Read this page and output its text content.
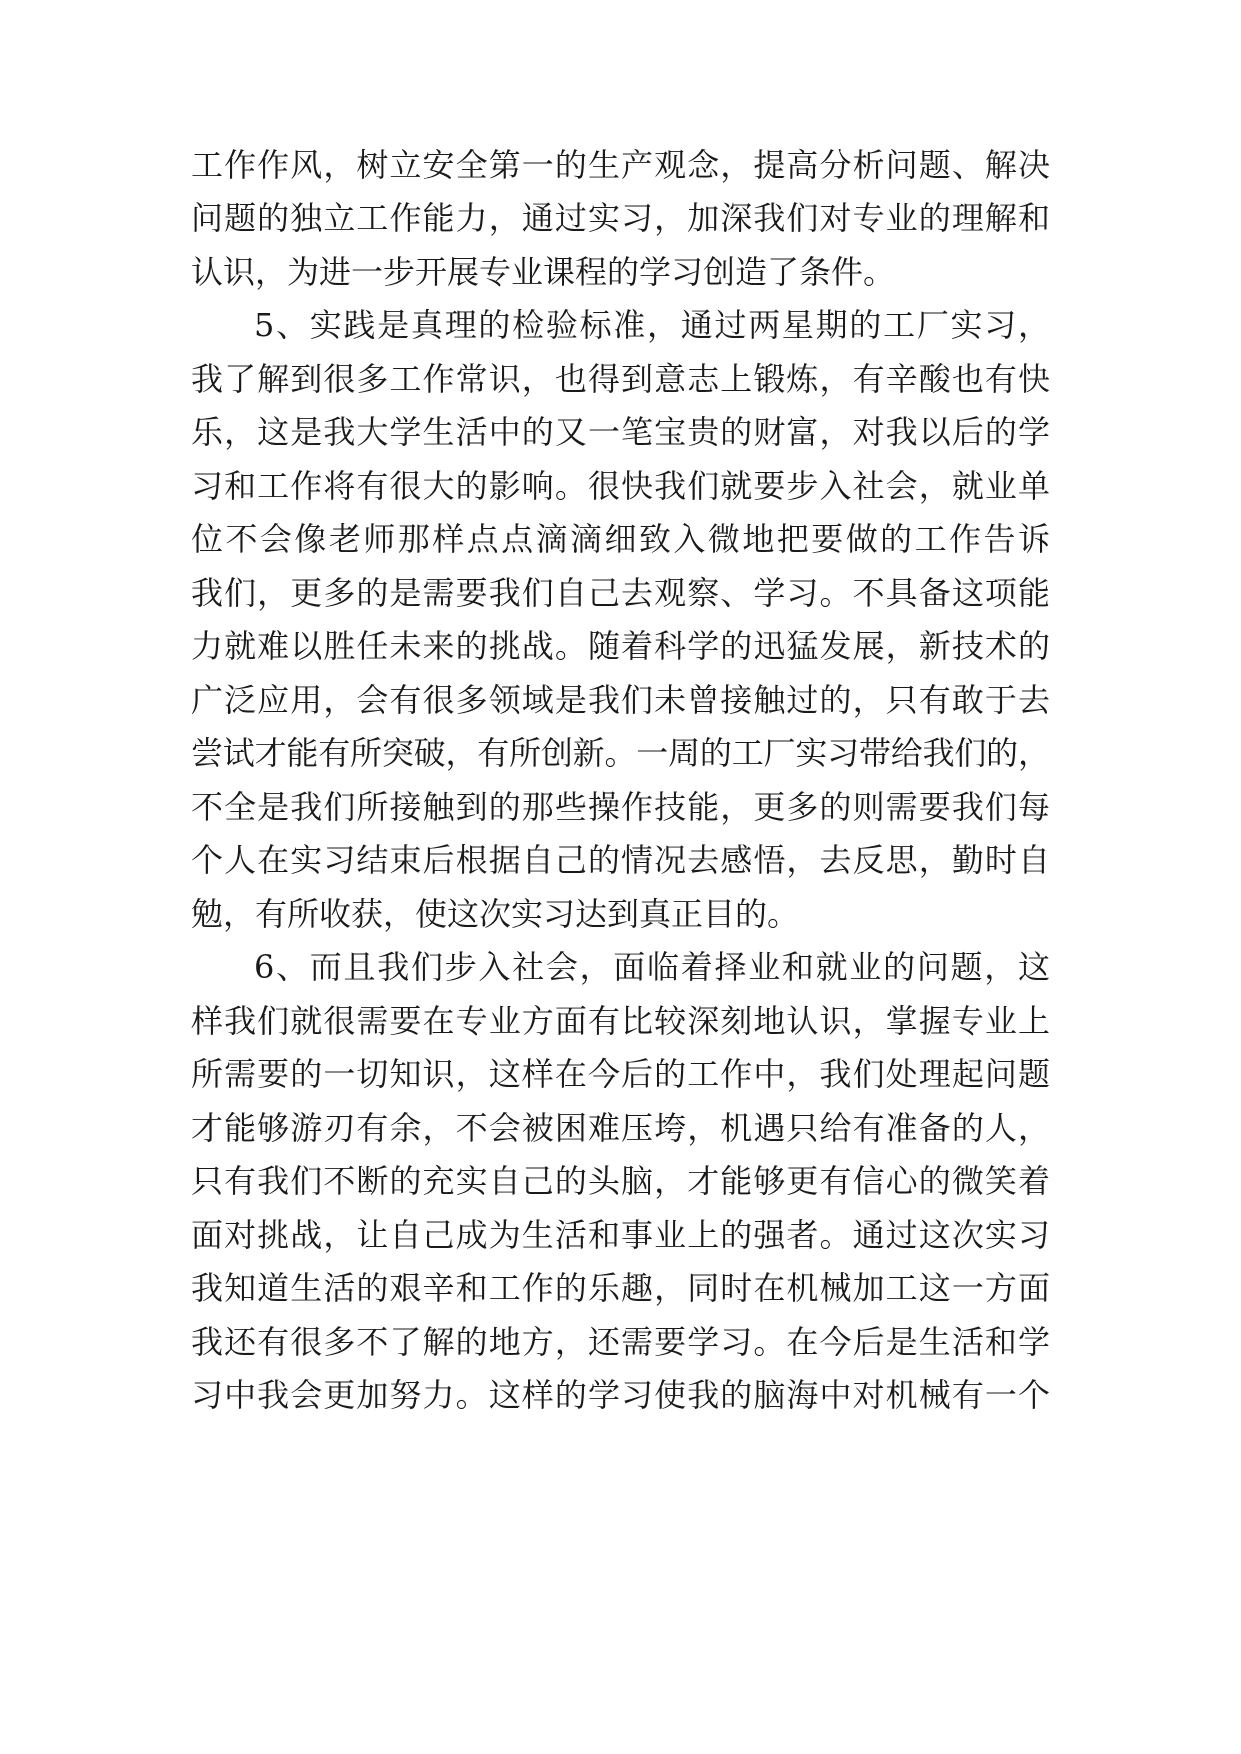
工作作风，树立安全第一的生产观念，提高分析问题、解决
问题的独立工作能力，通过实习，加深我们对专业的理解和
认识，为进一步开展专业课程的学习创造了条件。
5、实践是真理的检验标准，通过两星期的工厂实习，
我了解到很多工作常识，也得到意志上锻炼，有辛酸也有快
乐，这是我大学生活中的又一笔宝贵的财富，对我以后的学
习和工作将有很大的影响。很快我们就要步入社会，就业单
位不会像老师那样点点滴滴细致入微地把要做的工作告诉
我们，更多的是需要我们自己去观察、学习。不具备这项能
力就难以胜任未来的挑战。随着科学的迅猛发展，新技术的
广泛应用，会有很多领域是我们未曾接触过的，只有敢于去
尝试才能有所突破，有所创新。一周的工厂实习带给我们的，
不全是我们所接触到的那些操作技能，更多的则需要我们每
个人在实习结束后根据自己的情况去感悟，去反思，勤时自
勉，有所收获，使这次实习达到真正目的。
6、而且我们步入社会，面临着择业和就业的问题，这
样我们就很需要在专业方面有比较深刻地认识，掌握专业上
所需要的一切知识，这样在今后的工作中，我们处理起问题
才能够游刃有余，不会被困难压垮，机遇只给有准备的人，
只有我们不断的充实自己的头脑，才能够更有信心的微笑着
面对挑战，让自己成为生活和事业上的强者。通过这次实习
我知道生活的艰辛和工作的乐趣，同时在机械加工这一方面
我还有很多不了解的地方，还需要学习。在今后是生活和学
习中我会更加努力。这样的学习使我的脑海中对机械有一个
